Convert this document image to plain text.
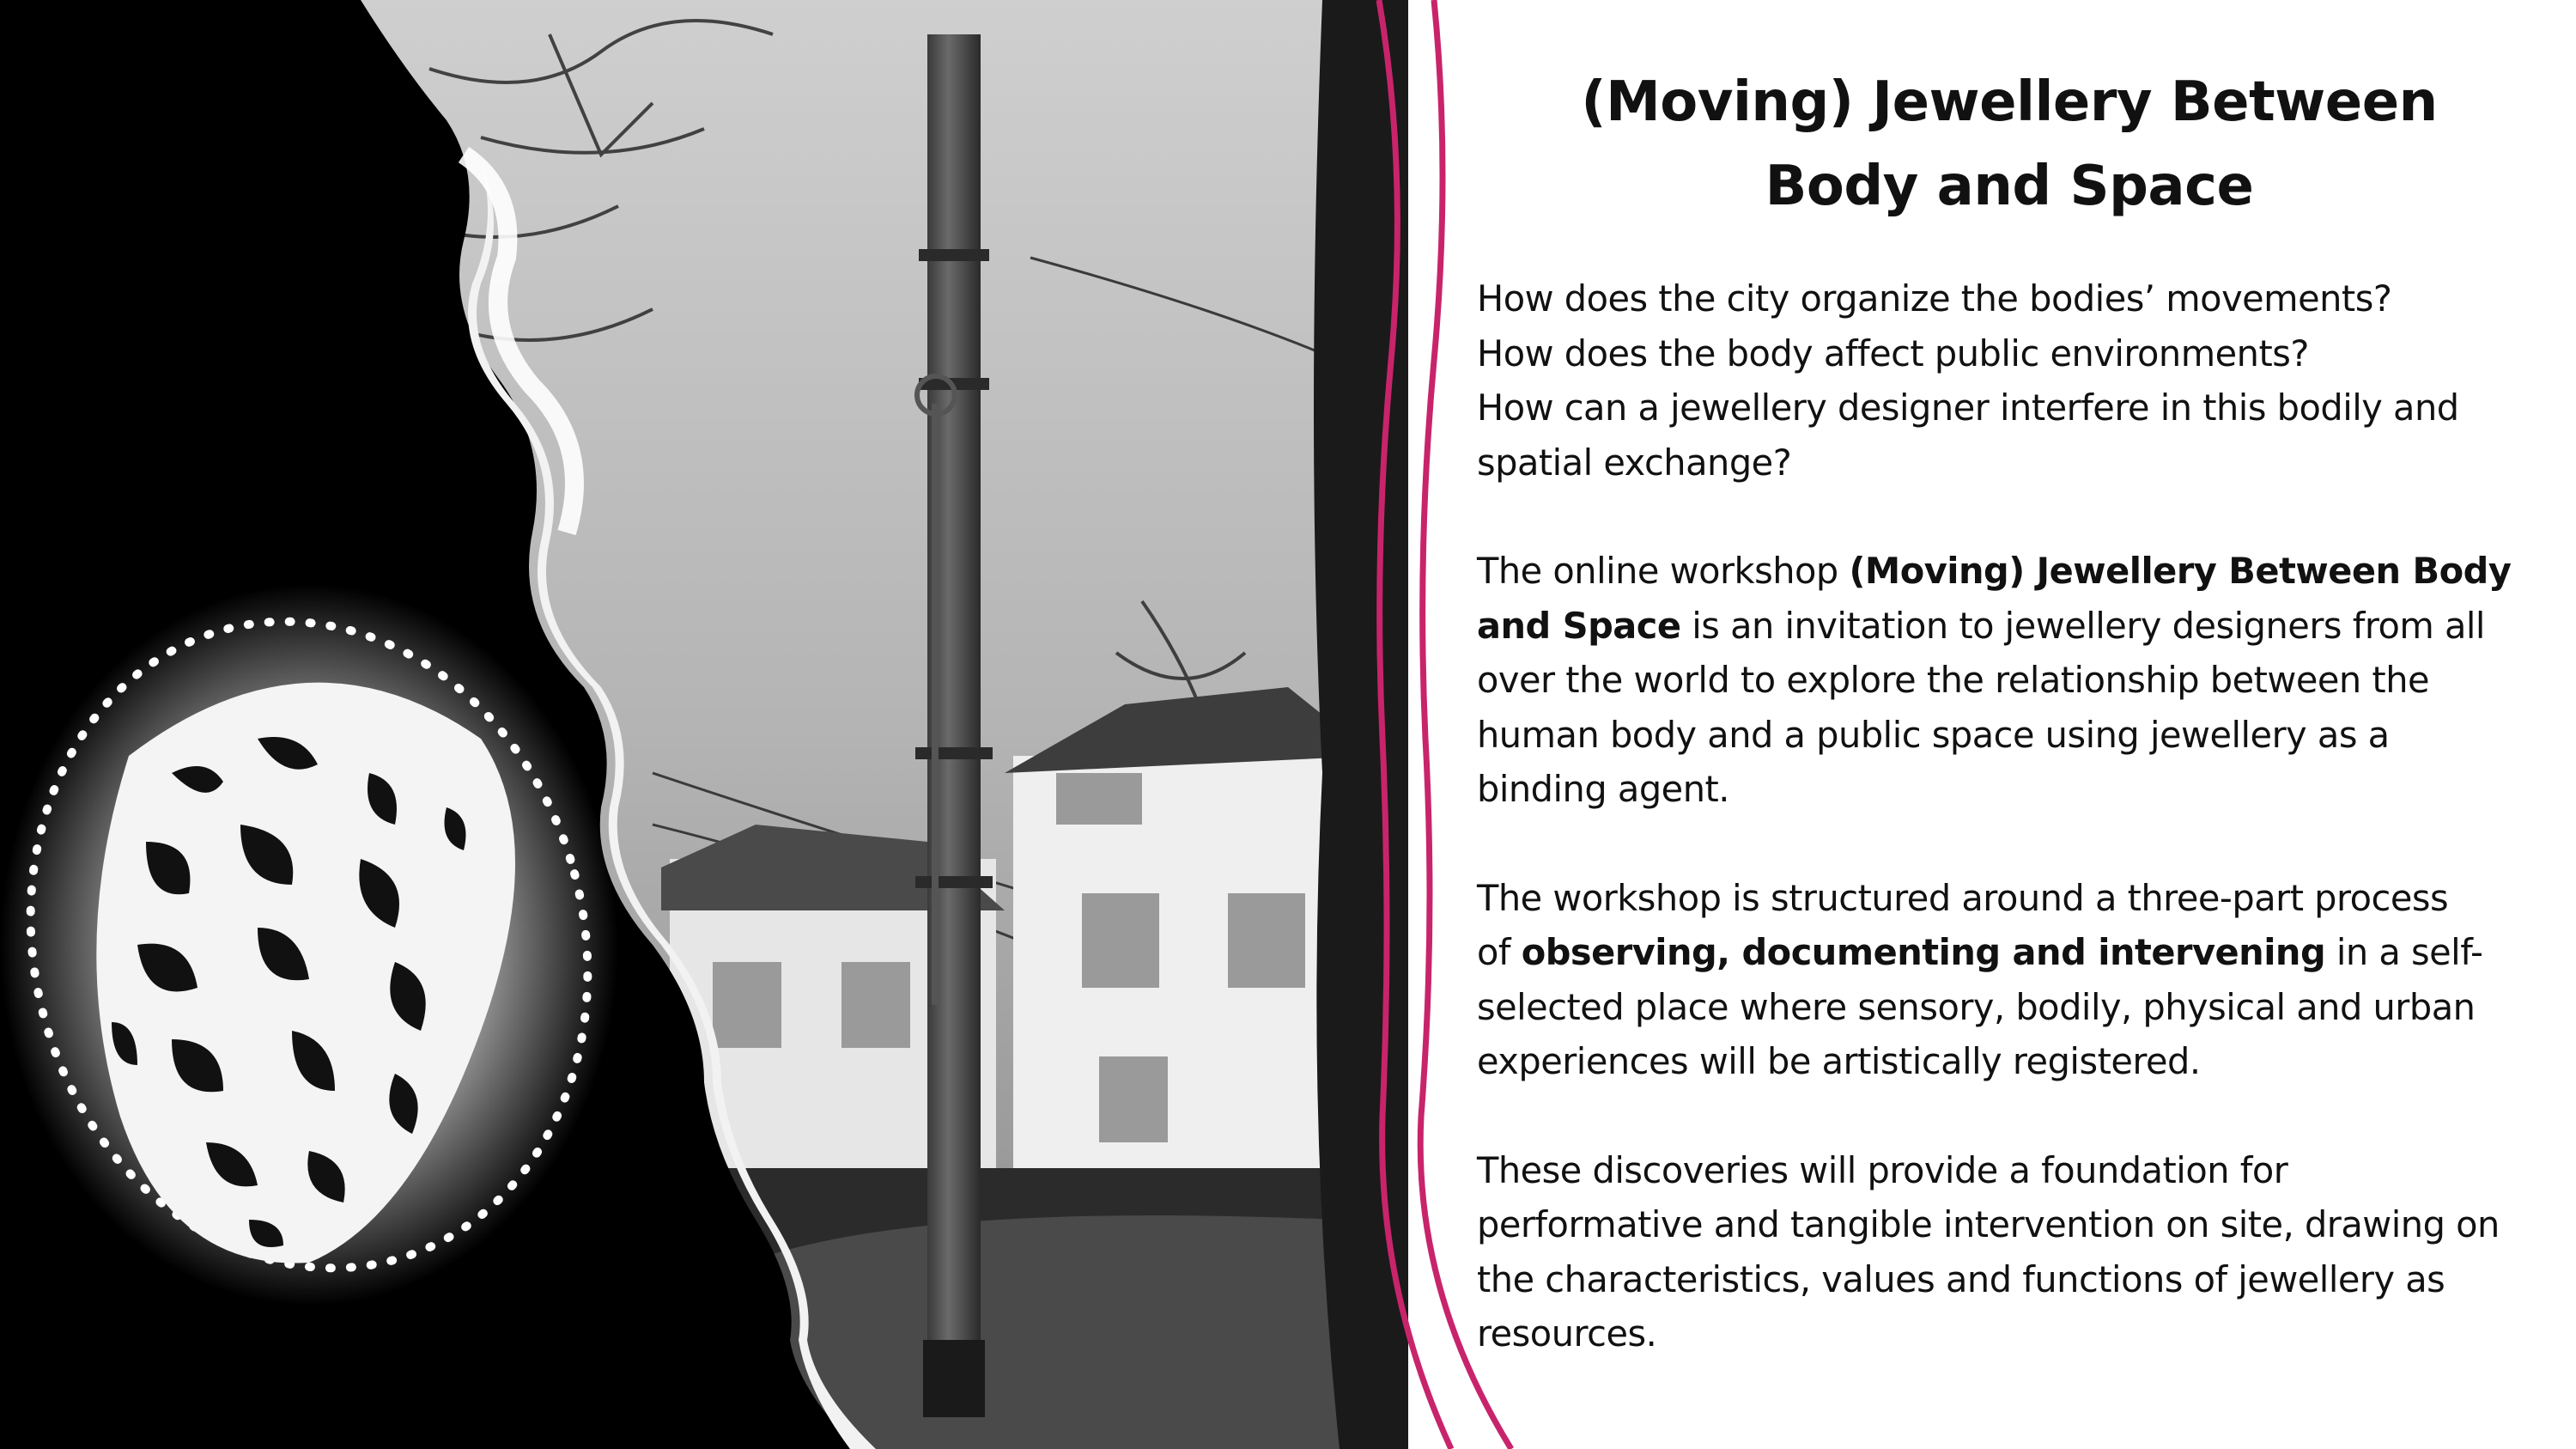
(Moving) Jewellery Between
Body and Space

How does the city organize the bodies’ movements?
How does the body affect public environments?
How can a jewellery designer interfere in this bodily and
spatial exchange?

The online workshop (Moving) Jewellery Between Body
and Space is an invitation to jewellery designers from all
over the world to explore the relationship between the
human body and a public space using jewellery as a
binding agent.

The workshop is structured around a three-part process
of observing, documenting and intervening in a self-
selected place where sensory, bodily, physical and urban
experiences will be artistically registered.

These discoveries will provide a foundation for
performative and tangible intervention on site, drawing on
the characteristics, values and functions of jewellery as
resources.
